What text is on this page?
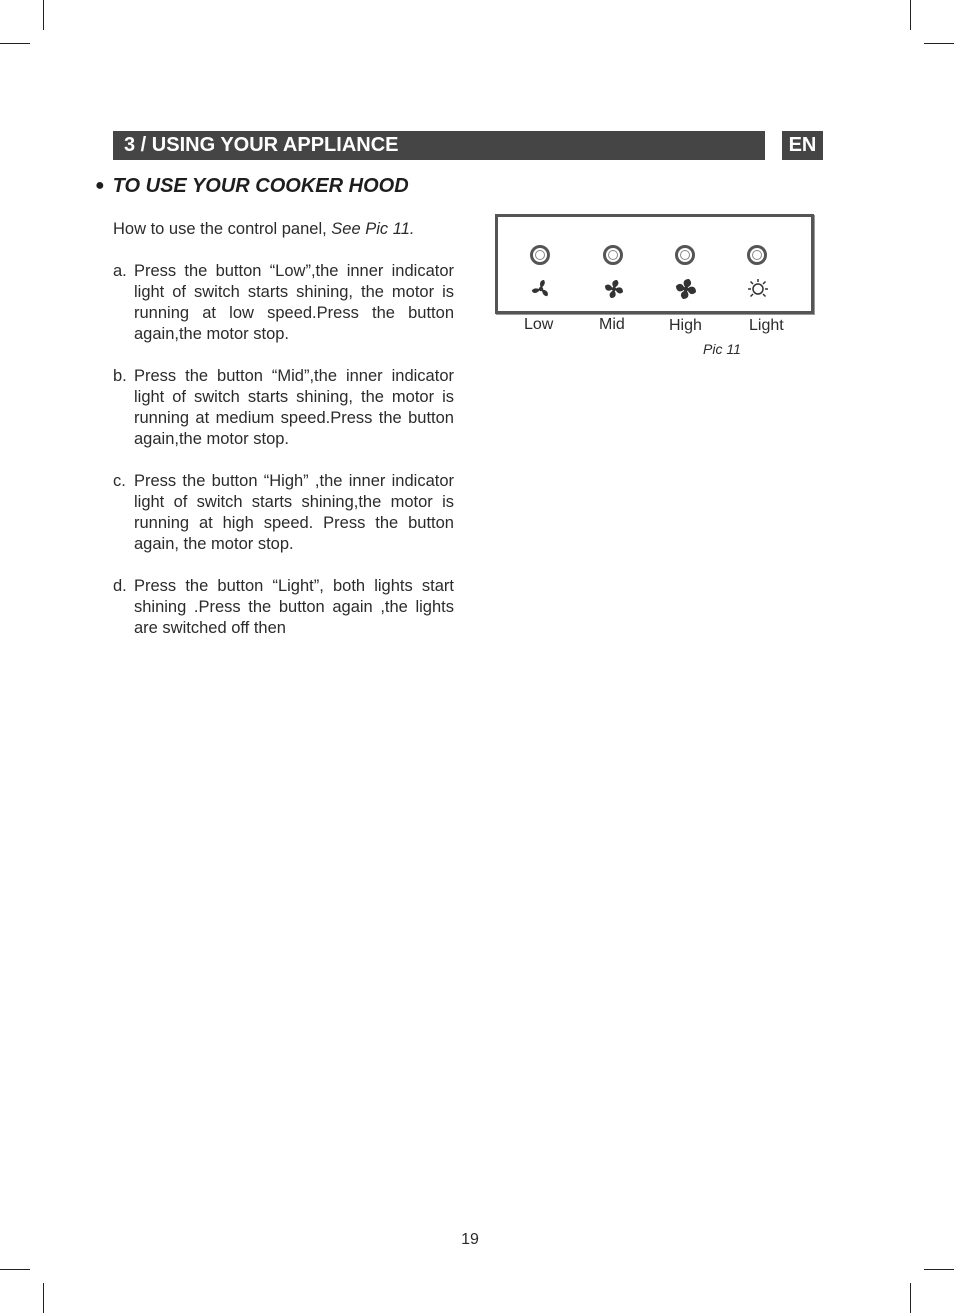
3 / USING YOUR APPLIANCE	EN
● TO USE YOUR COOKER HOOD
How to use the control panel, See Pic 11.
a. Press the button “Low”,the inner indicator light of switch starts shining, the motor is running at low speed.Press the button again,the motor stop.
b. Press the button “Mid”,the inner indicator light of switch starts shining, the motor is running at medium speed.Press the button again,the motor stop.
c. Press the button “High” ,the inner indicator light of switch starts shining,the motor is running at high speed. Press the button again, the motor stop.
d. Press the button “Light”, both lights start shining .Press the button again ,the lights are switched off then
Low	Mid	High	Light
Pic 11
19
